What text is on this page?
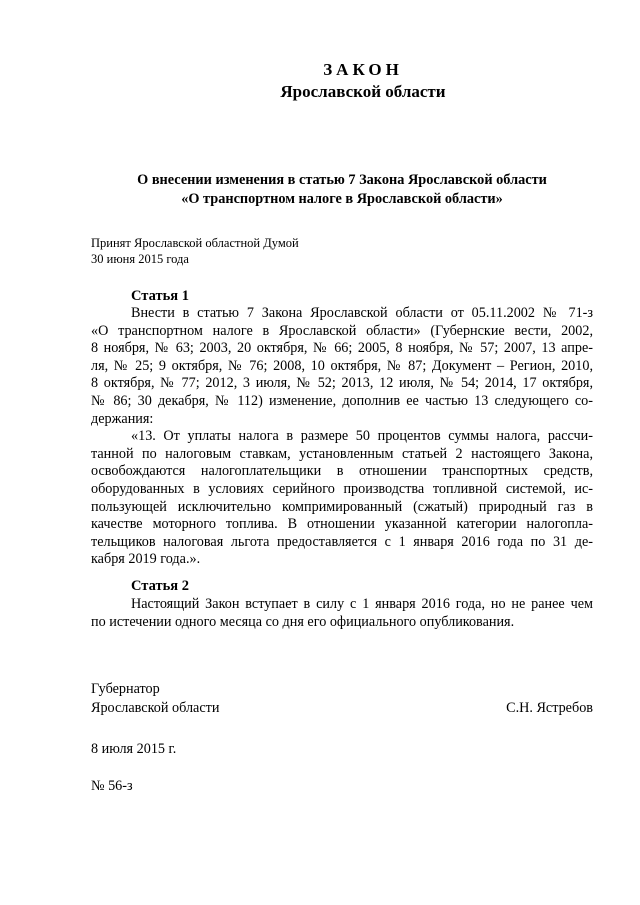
ЗАКОН
Ярославской области
О внесении изменения в статью 7 Закона Ярославской области
«О транспортном налоге в Ярославской области»
Принят Ярославской областной Думой
30 июня 2015 года
Статья 1
Внести в статью 7 Закона Ярославской области от 05.11.2002 № 71-з
«О транспортном налоге в Ярославской области» (Губернские вести, 2002,
8 ноября, № 63; 2003, 20 октября, № 66; 2005, 8 ноября, № 57; 2007, 13 апре-
ля, № 25; 9 октября, № 76; 2008, 10 октября, № 87; Документ – Регион, 2010,
8 октября, № 77; 2012, 3 июля, № 52; 2013, 12 июля, № 54; 2014, 17 октября,
№ 86; 30 декабря, № 112) изменение, дополнив ее частью 13 следующего со-
держания:
«13. От уплаты налога в размере 50 процентов суммы налога, рассчи-
танной по налоговым ставкам, установленным статьей 2 настоящего Закона,
освобождаются налогоплательщики в отношении транспортных средств,
оборудованных в условиях серийного производства топливной системой, ис-
пользующей исключительно компримированный (сжатый) природный газ в
качестве моторного топлива. В отношении указанной категории налогопла-
тельщиков налоговая льгота предоставляется с 1 января 2016 года по 31 де-
кабря 2019 года.».
Статья 2
Настоящий Закон вступает в силу с 1 января 2016 года, но не ранее чем
по истечении одного месяца со дня его официального опубликования.
Губернатор
Ярославской области	С.Н. Ястребов
8 июля 2015 г.
№ 56-з
